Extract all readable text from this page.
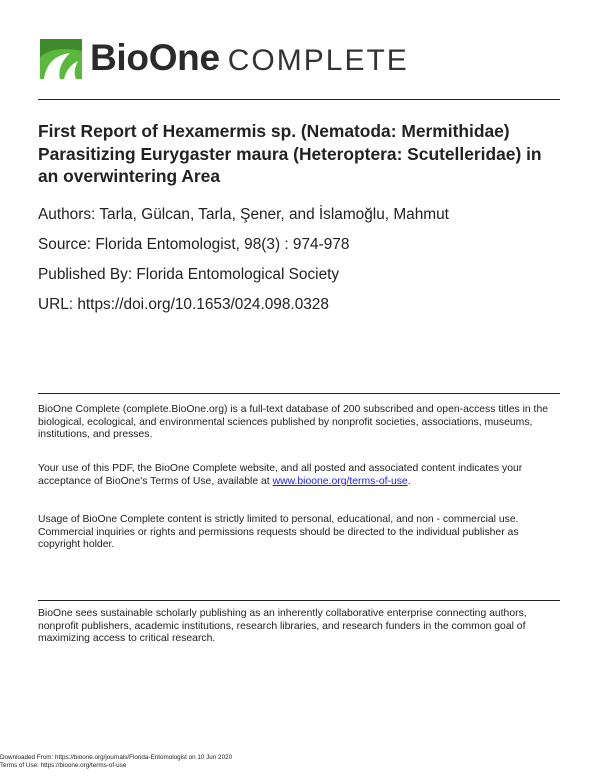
BioOne COMPLETE
First Report of Hexamermis sp. (Nematoda: Mermithidae) Parasitizing Eurygaster maura (Heteroptera: Scutelleridae) in an overwintering Area
Authors: Tarla, Gülcan, Tarla, Şener, and İslamoğlu, Mahmut
Source: Florida Entomologist, 98(3) : 974-978
Published By: Florida Entomological Society
URL: https://doi.org/10.1653/024.098.0328
BioOne Complete (complete.BioOne.org) is a full-text database of 200 subscribed and open-access titles in the biological, ecological, and environmental sciences published by nonprofit societies, associations, museums, institutions, and presses.
Your use of this PDF, the BioOne Complete website, and all posted and associated content indicates your acceptance of BioOne's Terms of Use, available at www.bioone.org/terms-of-use.
Usage of BioOne Complete content is strictly limited to personal, educational, and non - commercial use. Commercial inquiries or rights and permissions requests should be directed to the individual publisher as copyright holder.
BioOne sees sustainable scholarly publishing as an inherently collaborative enterprise connecting authors, nonprofit publishers, academic institutions, research libraries, and research funders in the common goal of maximizing access to critical research.
Downloaded From: https://bioone.org/journals/Florida-Entomologist on 10 Jun 2020
Terms of Use: https://bioone.org/terms-of-use
